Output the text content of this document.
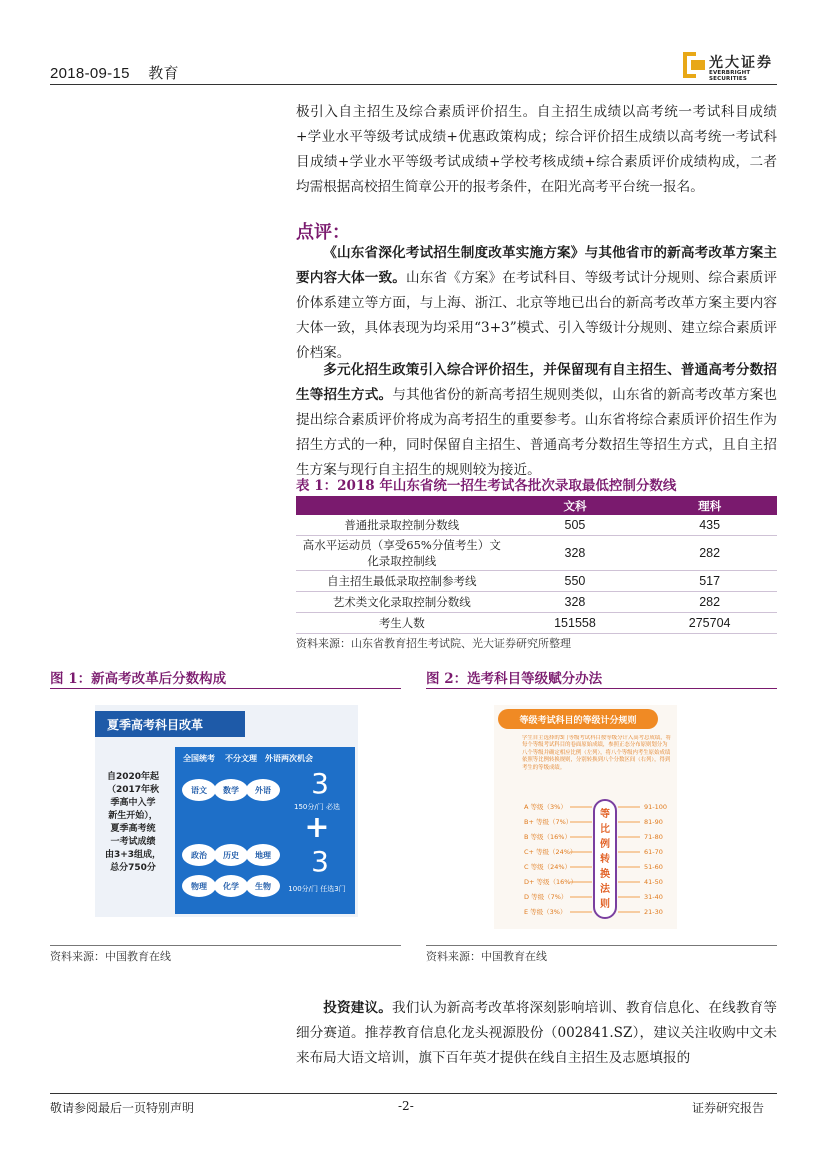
2018-09-15 教育
光大证券
EVERBRIGHT SECURITIES
极引入自主招生及综合素质评价招生。自主招生成绩以高考统一考试科目成绩+学业水平等级考试成绩+优惠政策构成；综合评价招生成绩以高考统一考试科目成绩+学业水平等级考试成绩+学校考核成绩+综合素质评价成绩构成，二者均需根据高校招生简章公开的报考条件，在阳光高考平台统一报名。
点评：
《山东省深化考试招生制度改革实施方案》与其他省市的新高考改革方案主要内容大体一致。山东省《方案》在考试科目、等级考试计分规则、综合素质评价体系建立等方面，与上海、浙江、北京等地已出台的新高考改革方案主要内容大体一致，具体表现为均采用“3+3”模式、引入等级计分规则、建立综合素质评价档案。
多元化招生政策引入综合评价招生，并保留现有自主招生、普通高考分数招生等招生方式。与其他省份的新高考招生规则类似，山东省的新高考改革方案也提出综合素质评价将成为高考招生的重要参考。山东省将综合素质评价招生作为招生方式的一种，同时保留自主招生、普通高考分数招生等招生方式，且自主招生方案与现行自主招生的规则较为接近。
表 1：2018 年山东省统一招生考试各批次录取最低控制分数线
	文科	理科
普通批录取控制分数线	505	435
高水平运动员（享受65%分值考生）文化录取控制线	328	282
自主招生最低录取控制参考线	550	517
艺术类文化录取控制分数线	328	282
考生人数	151558	275704
资料来源：山东省教育招生考试院、光大证券研究所整理
图 1：新高考改革后分数构成
夏季高考科目改革
自2020年起
（2017年秋
季高中入学
新生开始），
夏季高考统
一考试成绩
由3+3组成，
总分750分
全国统考 不分文理 外语两次机会
语文 数学 外语 3
150分/门 必选
+
政治 历史 地理
物理 化学 生物
3
100分/门 任选3门
资料来源：中国教育在线
图 2：选考科目等级赋分办法
等级考试科目的等级计分规则
学生自主选择的3门等级考试科目按等级分计入高考总成绩，将每个等级考试科目的卷面原始成绩，参照正态分布原则划分为八个等级并确定相应比例（左列），将八个等级内考生原始成绩依照等比例转换规则，分别转换到八个分数区间（右列），得到考生的等级成绩。
A 等级（3%）	91-100
B+ 等级（7%）	81-90
B 等级（16%）	71-80
C+ 等级（24%）	61-70
C 等级（24%）	51-60
D+ 等级（16%）	41-50
D 等级（7%）	31-40
E 等级（3%）	21-30
等
比
例
转
换
法
则
资料来源：中国教育在线
投资建议。我们认为新高考改革将深刻影响培训、教育信息化、在线教育等细分赛道。推荐教育信息化龙头视源股份（002841.SZ），建议关注收购中文未来布局大语文培训，旗下百年英才提供在线自主招生及志愿填报的
敬请参阅最后一页特别声明	-2-	证券研究报告
